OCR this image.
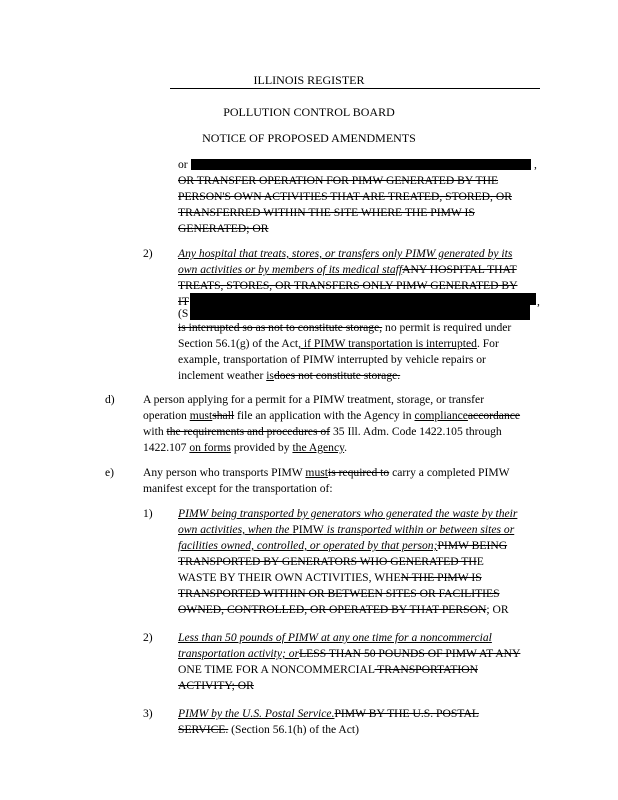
ILLINOIS REGISTER
POLLUTION CONTROL BOARD
NOTICE OF PROPOSED AMENDMENTS
or	,
OR TRANSFER OPERATION FOR PIMW GENERATED BY THE
PERSON'S OWN ACTIVITIES THAT ARE TREATED, STORED, OR
TRANSFERRED WITHIN THE SITE WHERE THE PIMW IS
GENERATED; OR
2) Any hospital that treats, stores, or transfers only PIMW generated by its
own activities or by members of its medical staffANY HOSPITAL THAT
TREATS, STORES, OR TRANSFERS ONLY PIMW GENERATED BY
IT	,
(S
is interrupted so as not to constitute storage, no permit is required under
Section 56.1(g) of the Act, if PIMW transportation is interrupted. For
example, transportation of PIMW interrupted by vehicle repairs or
inclement weather isdoes not constitute storage.
d) A person applying for a permit for a PIMW treatment, storage, or transfer
operation mustshall file an application with the Agency in complianceaccordance
with the requirements and procedures of 35 Ill. Adm. Code 1422.105 through
1422.107 on forms provided by the Agency.
e) Any person who transports PIMW mustis required to carry a completed PIMW
manifest except for the transportation of:
1) PIMW being transported by generators who generated the waste by their
own activities, when the PIMW is transported within or between sites or
facilities owned, controlled, or operated by that person;PIMW BEING
TRANSPORTED BY GENERATORS WHO GENERATED THE
WASTE BY THEIR OWN ACTIVITIES, WHEN THE PIMW IS
TRANSPORTED WITHIN OR BETWEEN SITES OR FACILITIES
OWNED, CONTROLLED, OR OPERATED BY THAT PERSON; OR
2) Less than 50 pounds of PIMW at any one time for a noncommercial
transportation activity; orLESS THAN 50 POUNDS OF PIMW AT ANY
ONE TIME FOR A NONCOMMERCIAL TRANSPORTATION
ACTIVITY; OR
3) PIMW by the U.S. Postal Service.PIMW BY THE U.S. POSTAL
SERVICE. (Section 56.1(h) of the Act)
